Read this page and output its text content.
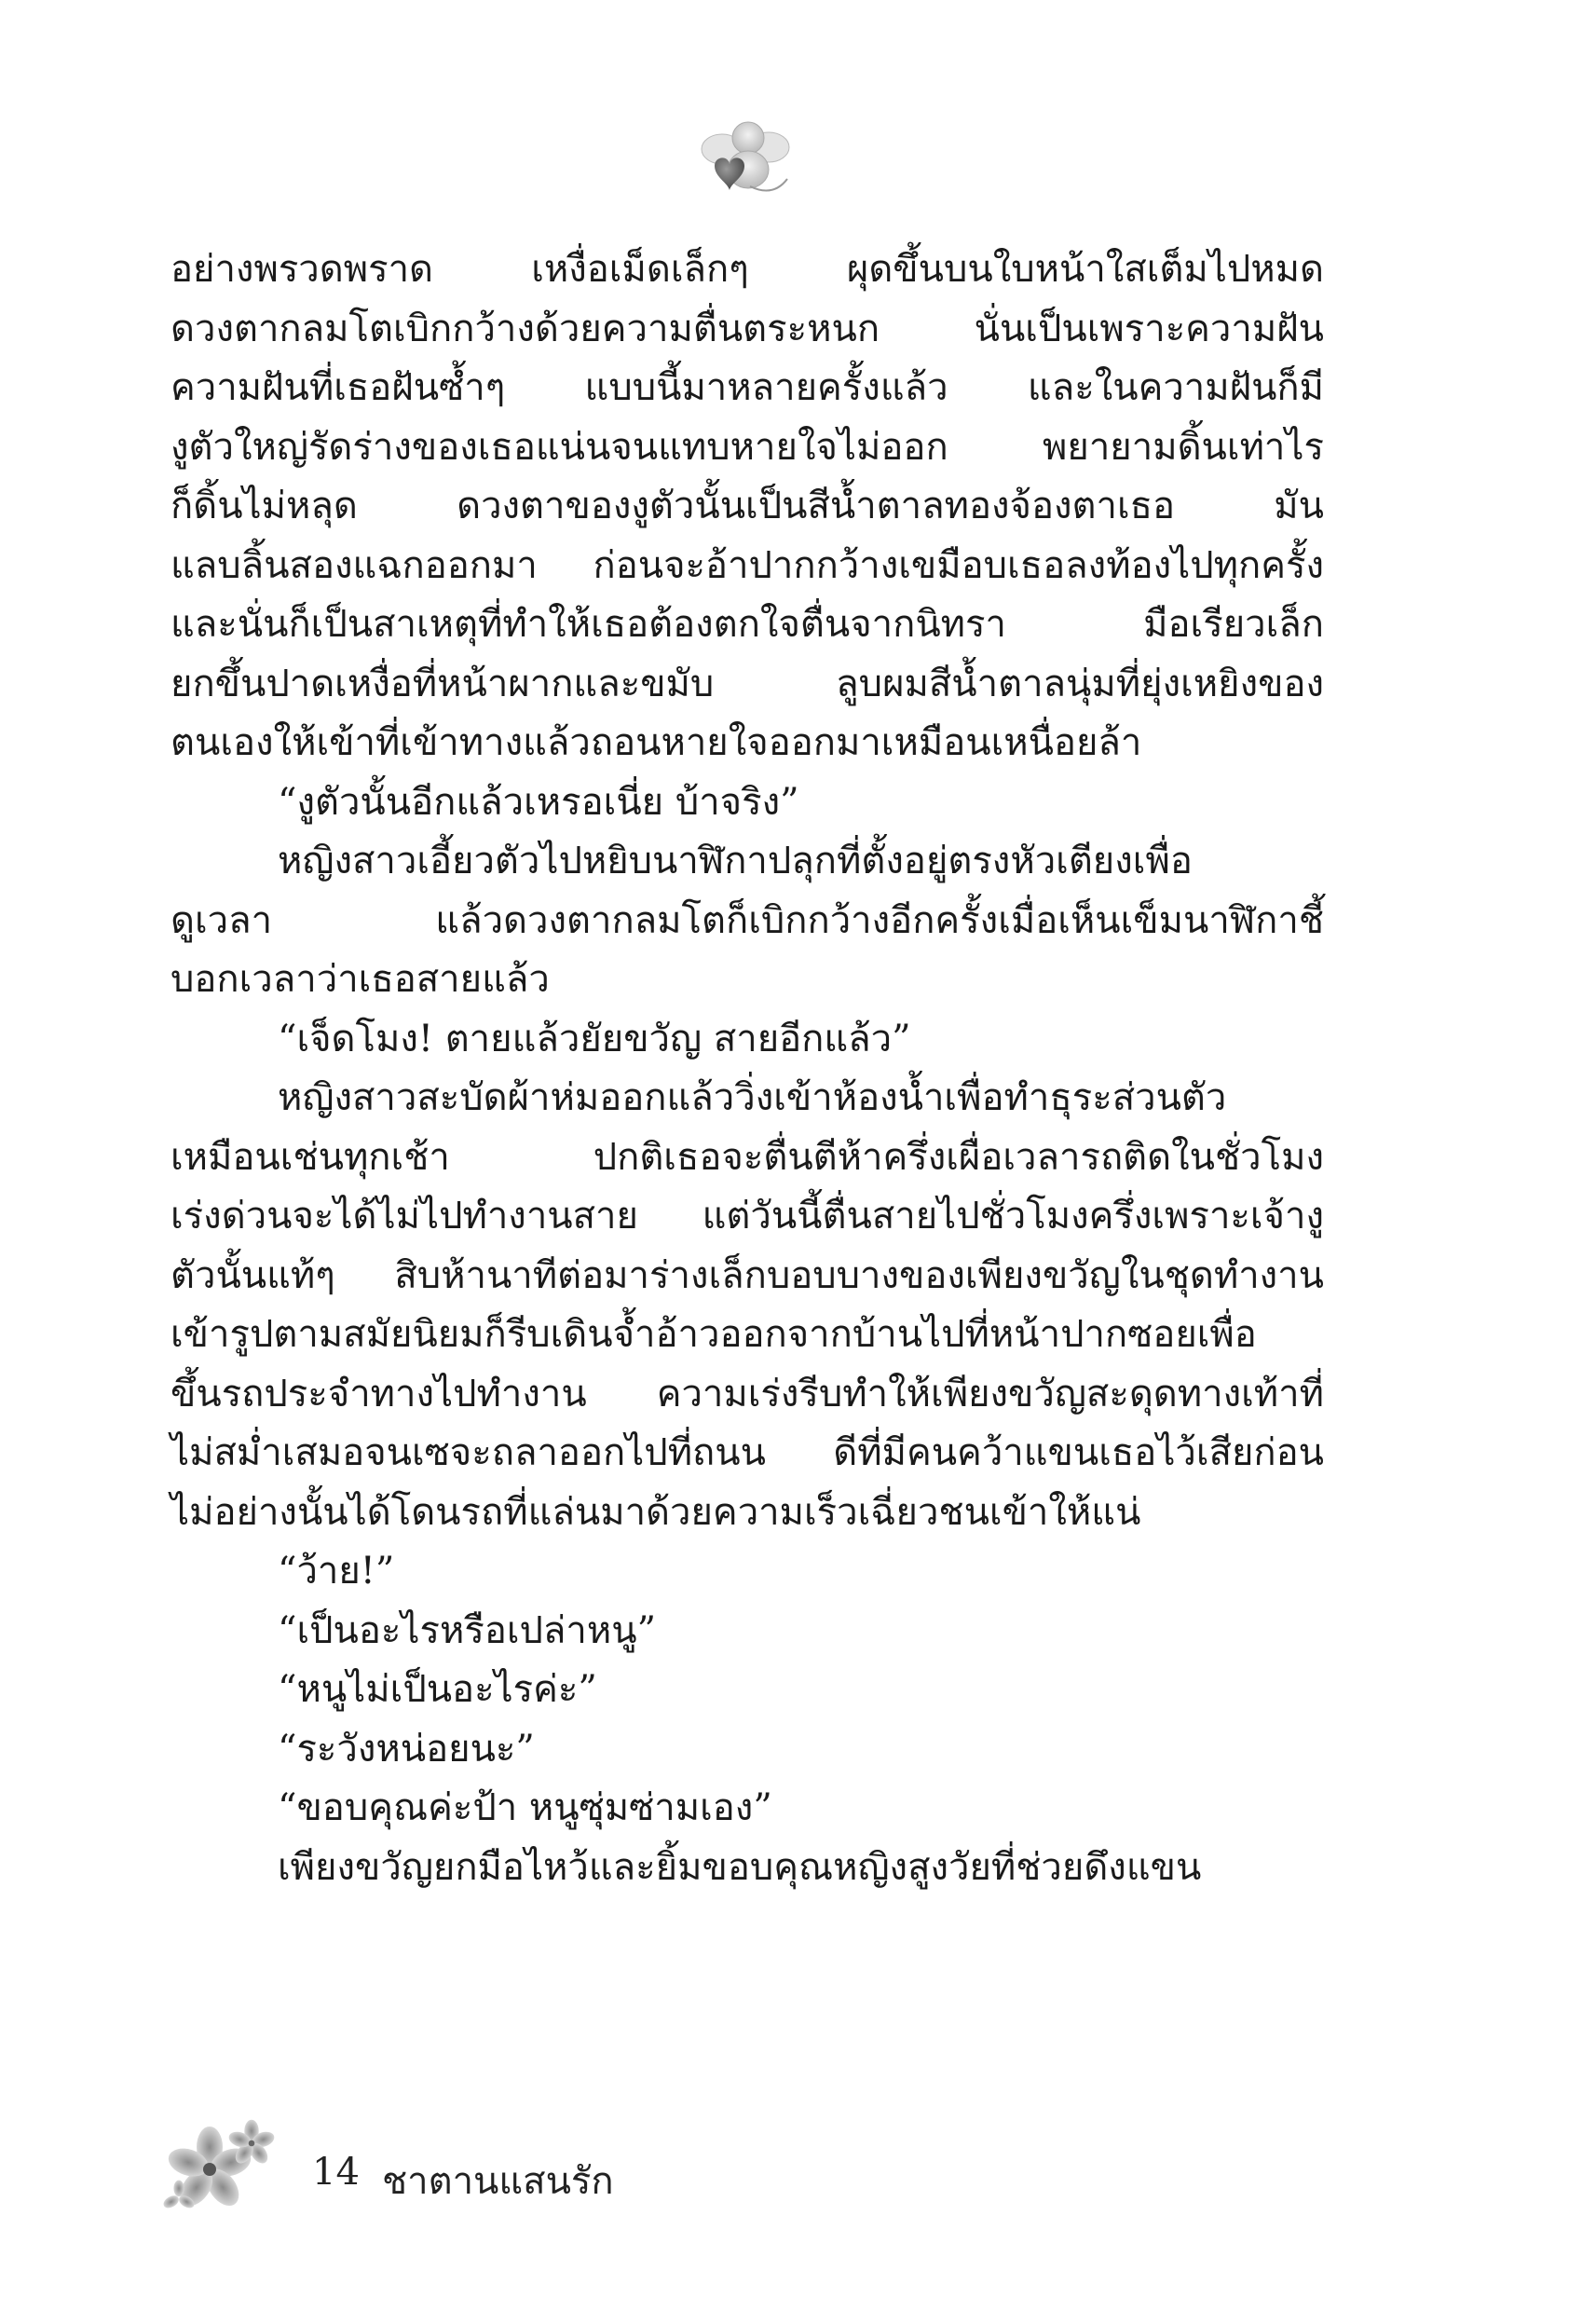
อย่างพรวดพราด เหงื่อเม็ดเล็กๆ ผุดขึ้นบนใบหน้าใสเต็มไปหมด
ดวงตากลมโตเบิกกว้างด้วยความตื่นตระหนก นั่นเป็นเพราะความฝัน
ความฝันที่เธอฝันซ้ำๆ แบบนี้มาหลายครั้งแล้ว และในความฝันก็มี
งูตัวใหญ่รัดร่างของเธอแน่นจนแทบหายใจไม่ออก พยายามดิ้นเท่าไร
ก็ดิ้นไม่หลุด ดวงตาของงูตัวนั้นเป็นสีน้ำตาลทองจ้องตาเธอ มัน
แลบลิ้นสองแฉกออกมา ก่อนจะอ้าปากกว้างเขมือบเธอลงท้องไปทุกครั้ง
และนั่นก็เป็นสาเหตุที่ทำให้เธอต้องตกใจตื่นจากนิทรา มือเรียวเล็ก
ยกขึ้นปาดเหงื่อที่หน้าผากและขมับ ลูบผมสีน้ำตาลนุ่มที่ยุ่งเหยิงของ
ตนเองให้เข้าที่เข้าทางแล้วถอนหายใจออกมาเหมือนเหนื่อยล้า
“งูตัวนั้นอีกแล้วเหรอเนี่ย บ้าจริง”
หญิงสาวเอี้ยวตัวไปหยิบนาฬิกาปลุกที่ตั้งอยู่ตรงหัวเตียงเพื่อ
ดูเวลา แล้วดวงตากลมโตก็เบิกกว้างอีกครั้งเมื่อเห็นเข็มนาฬิกาชี้
บอกเวลาว่าเธอสายแล้ว
“เจ็ดโมง! ตายแล้วยัยขวัญ สายอีกแล้ว”
หญิงสาวสะบัดผ้าห่มออกแล้ววิ่งเข้าห้องน้ำเพื่อทำธุระส่วนตัว
เหมือนเช่นทุกเช้า ปกติเธอจะตื่นตีห้าครึ่งเผื่อเวลารถติดในชั่วโมง
เร่งด่วนจะได้ไม่ไปทำงานสาย แต่วันนี้ตื่นสายไปชั่วโมงครึ่งเพราะเจ้างู
ตัวนั้นแท้ๆ สิบห้านาทีต่อมาร่างเล็กบอบบางของเพียงขวัญในชุดทำงาน
เข้ารูปตามสมัยนิยมก็รีบเดินจ้ำอ้าวออกจากบ้านไปที่หน้าปากซอยเพื่อ
ขึ้นรถประจำทางไปทำงาน ความเร่งรีบทำให้เพียงขวัญสะดุดทางเท้าที่
ไม่สม่ำเสมอจนเซจะถลาออกไปที่ถนน ดีที่มีคนคว้าแขนเธอไว้เสียก่อน
ไม่อย่างนั้นได้โดนรถที่แล่นมาด้วยความเร็วเฉี่ยวชนเข้าให้แน่
“ว้าย!”
“เป็นอะไรหรือเปล่าหนู”
“หนูไม่เป็นอะไรค่ะ”
“ระวังหน่อยนะ”
“ขอบคุณค่ะป้า หนูซุ่มซ่ามเอง”
เพียงขวัญยกมือไหว้และยิ้มขอบคุณหญิงสูงวัยที่ช่วยดึงแขน
14 ชาตานแสนรัก
